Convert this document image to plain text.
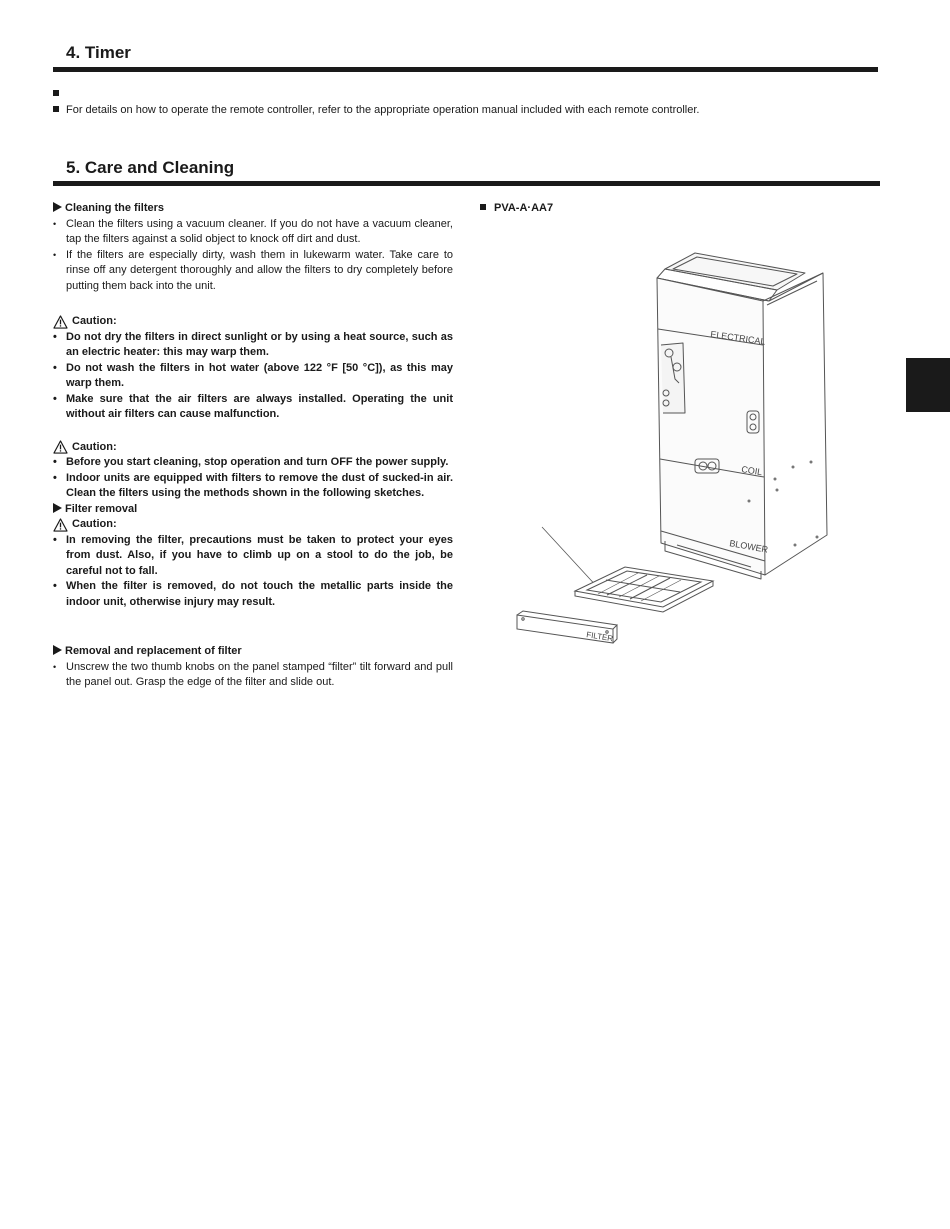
4. Timer
For details on how to operate the remote controller, refer to the appropriate operation manual included with each remote controller.
5. Care and Cleaning

Cleaning the filters

• Clean the filters using a vacuum cleaner. If you do not have a vacuum cleaner, tap the filters against a solid object to knock off dirt and dust.
• If the filters are especially dirty, wash them in lukewarm water. Take care to rinse off any detergent thoroughly and allow the filters to dry completely before putting them back into the unit.

Caution:

• Do not dry the filters in direct sunlight or by using a heat source, such as an electric heater: this may warp them.
• Do not wash the filters in hot water (above 122 °F [50 °C]), as this may warp them.
• Make sure that the air filters are always installed. Operating the unit without air filters can cause malfunction.

Caution:

• Before you start cleaning, stop operation and turn OFF the power supply.
• Indoor units are equipped with filters to remove the dust of sucked-in air. Clean the filters using the methods shown in the following sketches.

Filter removal

Caution:

• In removing the filter, precautions must be taken to protect your eyes from dust. Also, if you have to climb up on a stool to do the job, be careful not to fall.
• When the filter is removed, do not touch the metallic parts inside the indoor unit, otherwise injury may result.

Removal and replacement of filter

• Unscrew the two thumb knobs on the panel stamped “filter” tilt forward and pull the panel out. Grasp the edge of the filter and slide out.
PVA-A·AA7
ELECTRICAL
COIL
BLOWER
FILTER
